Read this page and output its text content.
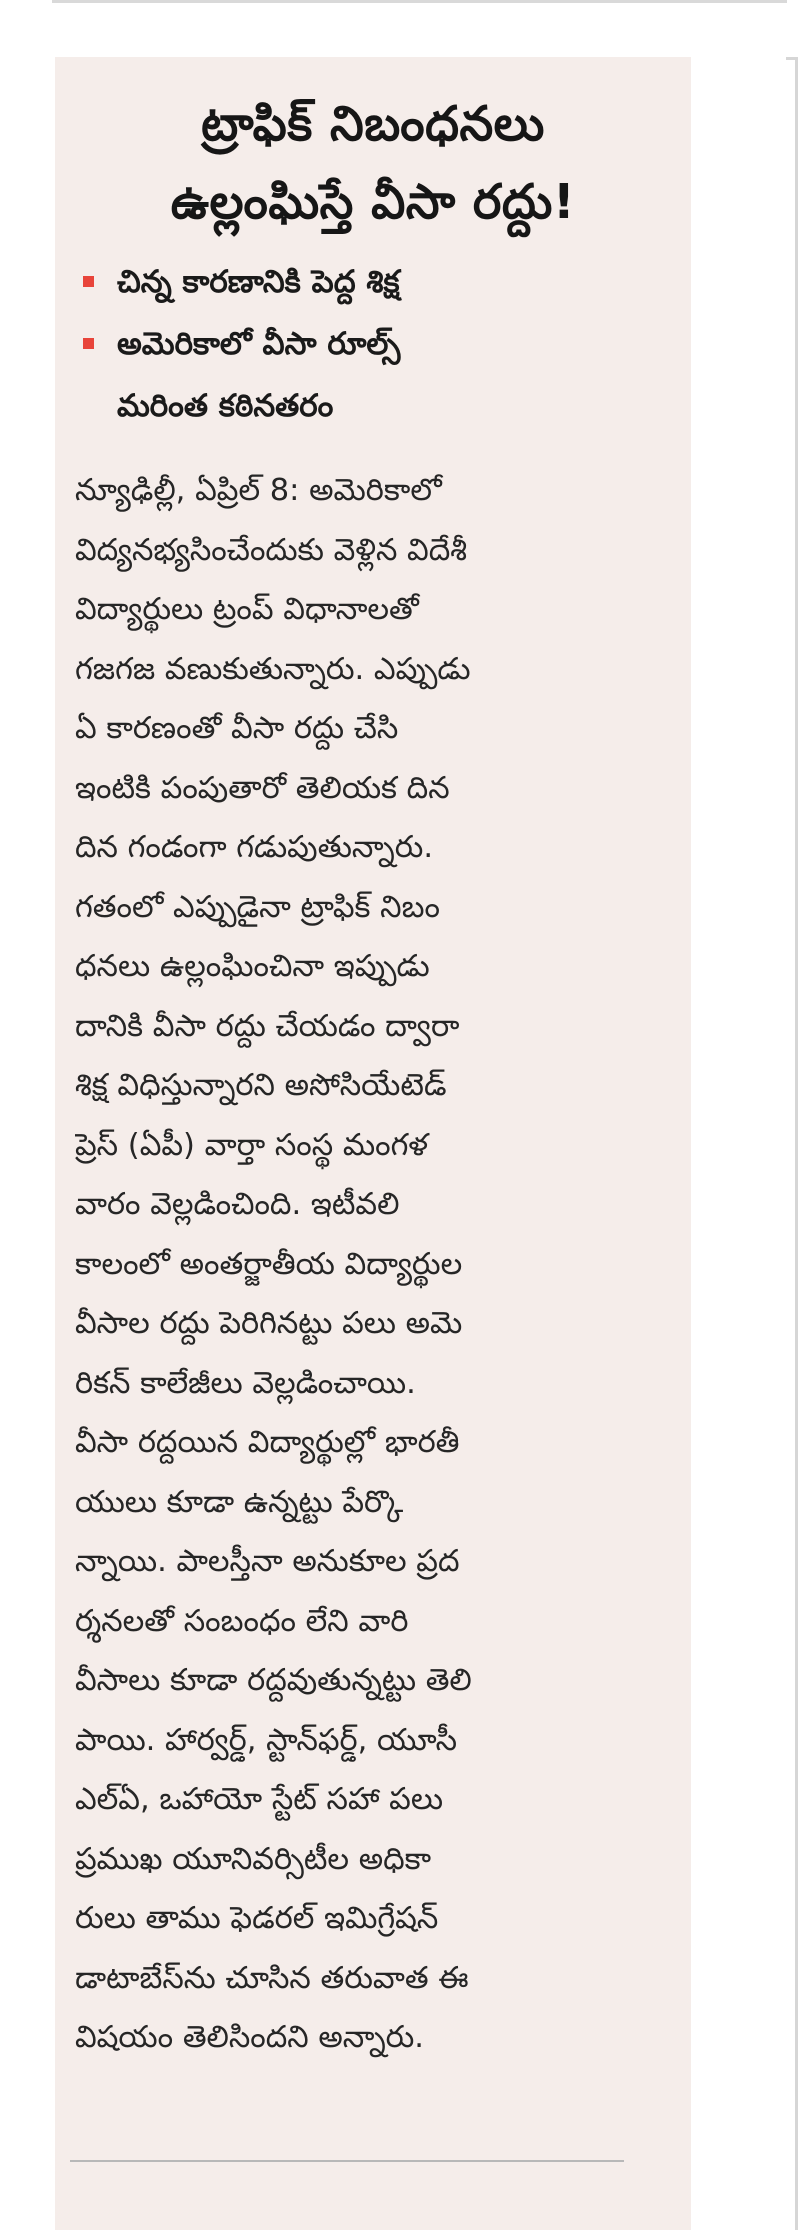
ట్రాఫిక్ నిబంధనలు
ఉల్లంఘిస్తే వీసా రద్దు!
చిన్న కారణానికి పెద్ద శిక్ష
అమెరికాలో వీసా రూల్స్
మరింత కఠినతరం
న్యూఢిల్లీ, ఏప్రిల్ 8: అమెరికాలో
విద్యనభ్యసించేందుకు వెళ్లిన విదేశీ
విద్యార్థులు ట్రంప్ విధానాలతో
గజగజ వణుకుతున్నారు. ఎప్పుడు
ఏ కారణంతో వీసా రద్దు చేసి
ఇంటికి పంపుతారో తెలియక దిన
దిన గండంగా గడుపుతున్నారు.
గతంలో ఎప్పుడైనా ట్రాఫిక్ నిబం
ధనలు ఉల్లంఘించినా ఇప్పుడు
దానికి వీసా రద్దు చేయడం ద్వారా
శిక్ష విధిస్తున్నారని అసోసియేటెడ్
ప్రెస్ (ఏపీ) వార్తా సంస్థ మంగళ
వారం వెల్లడించింది. ఇటీవలి
కాలంలో అంతర్జాతీయ విద్యార్థుల
వీసాల రద్దు పెరిగినట్టు పలు అమె
రికన్ కాలేజీలు వెల్లడించాయి.
వీసా రద్దయిన విద్యార్థుల్లో భారతీ
యులు కూడా ఉన్నట్టు పేర్కొ
న్నాయి. పాలస్తీనా అనుకూల ప్రద
ర్శనలతో సంబంధం లేని వారి
వీసాలు కూడా రద్దవుతున్నట్టు తెలి
పాయి. హార్వర్డ్, స్టాన్‌ఫర్డ్, యూసీ
ఎల్‌ఏ, ఒహాయో స్టేట్ సహా పలు
ప్రముఖ యూనివర్సిటీల అధికా
రులు తాము ఫెడరల్ ఇమిగ్రేషన్
డాటాబేస్‌ను చూసిన తరువాత ఈ
విషయం తెలిసిందని అన్నారు.
